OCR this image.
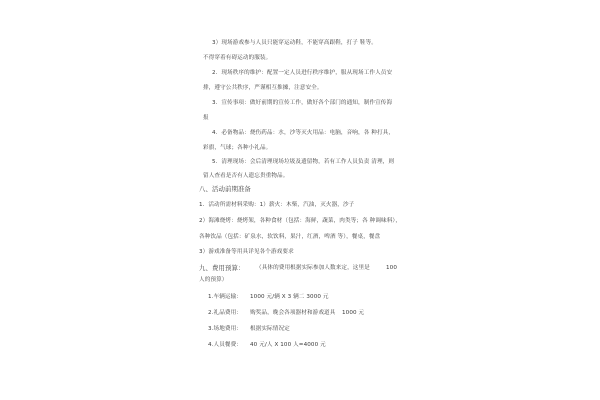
3）现场游戏参与人员只能穿运动鞋，不能穿高跟鞋，打子 鞋等。
不得穿着有碍运动的服装。
2．现场秩序的维护：配置一定人员进行秩序维护，服从现场工作人员安
排，遵守公共秩序，严谨相互推搡，注意安全。
3．宣传事项：做好前期的宣传工作，做好各个部门的通知，制作宣传海
报
4．必备物品：烧伤药品：水，沙等灭火用品：电脑，音响，各 种打具，
彩旗，气球；各种小礼品。
5．清理现场：会后清理现场垃圾及遗留物，若有工作人员负责 清理，则
留人查看是否有人遗忘贵重物品。
八、活动前期准备
1．活动所需材料采购：1）薪火：木柴，汽油，灭火器，沙子
2）海滩烧烤：烧烤架，各种食材（包括：海鲜，蔬菜，肉类等；各 种调味料），
各种饮品（包括：矿泉水，软饮料，果汁，红酒，啤酒 等），餐桌，餐盘
3）游戏准备等用具详见各个游戏要求
九、费用预算： （具体的费用根据实际参加人数来定，这里是	100
人的预算）
1.车辆运输： 1000 元/辆 X 3 辆二 3000 元
2.礼品费用： 购奖品，晚会各项器材和游戏道具 1000 元
3.场地费用： 根据实际情况定
4.人员餐费： 40 元/人 X 100 人=4000 元
